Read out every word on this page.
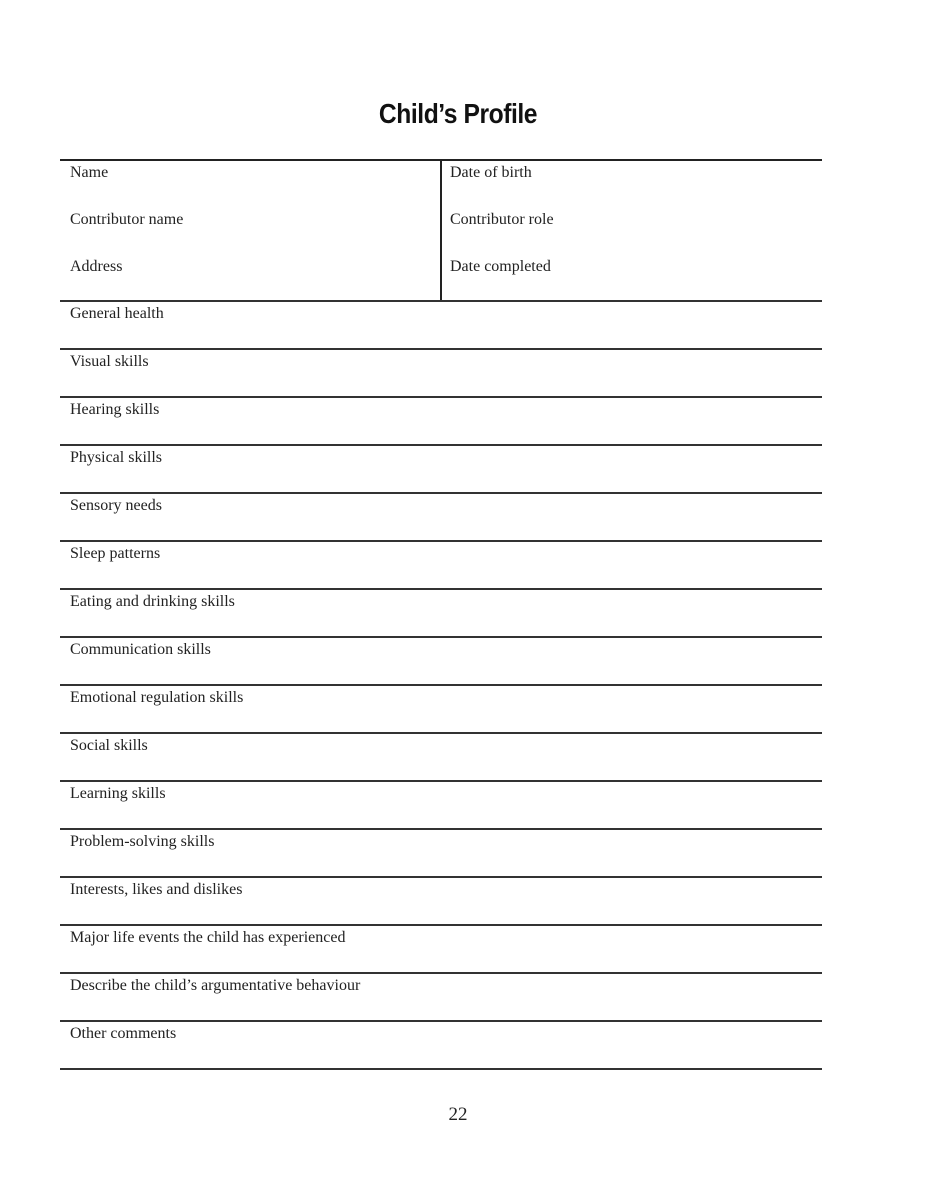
Child’s Profile
Name
Contributor name
Address
Date of birth
Contributor role
Date completed
General health
Visual skills
Hearing skills
Physical skills
Sensory needs
Sleep patterns
Eating and drinking skills
Communication skills
Emotional regulation skills
Social skills
Learning skills
Problem-solving skills
Interests, likes and dislikes
Major life events the child has experienced
Describe the child’s argumentative behaviour
Other comments
22
